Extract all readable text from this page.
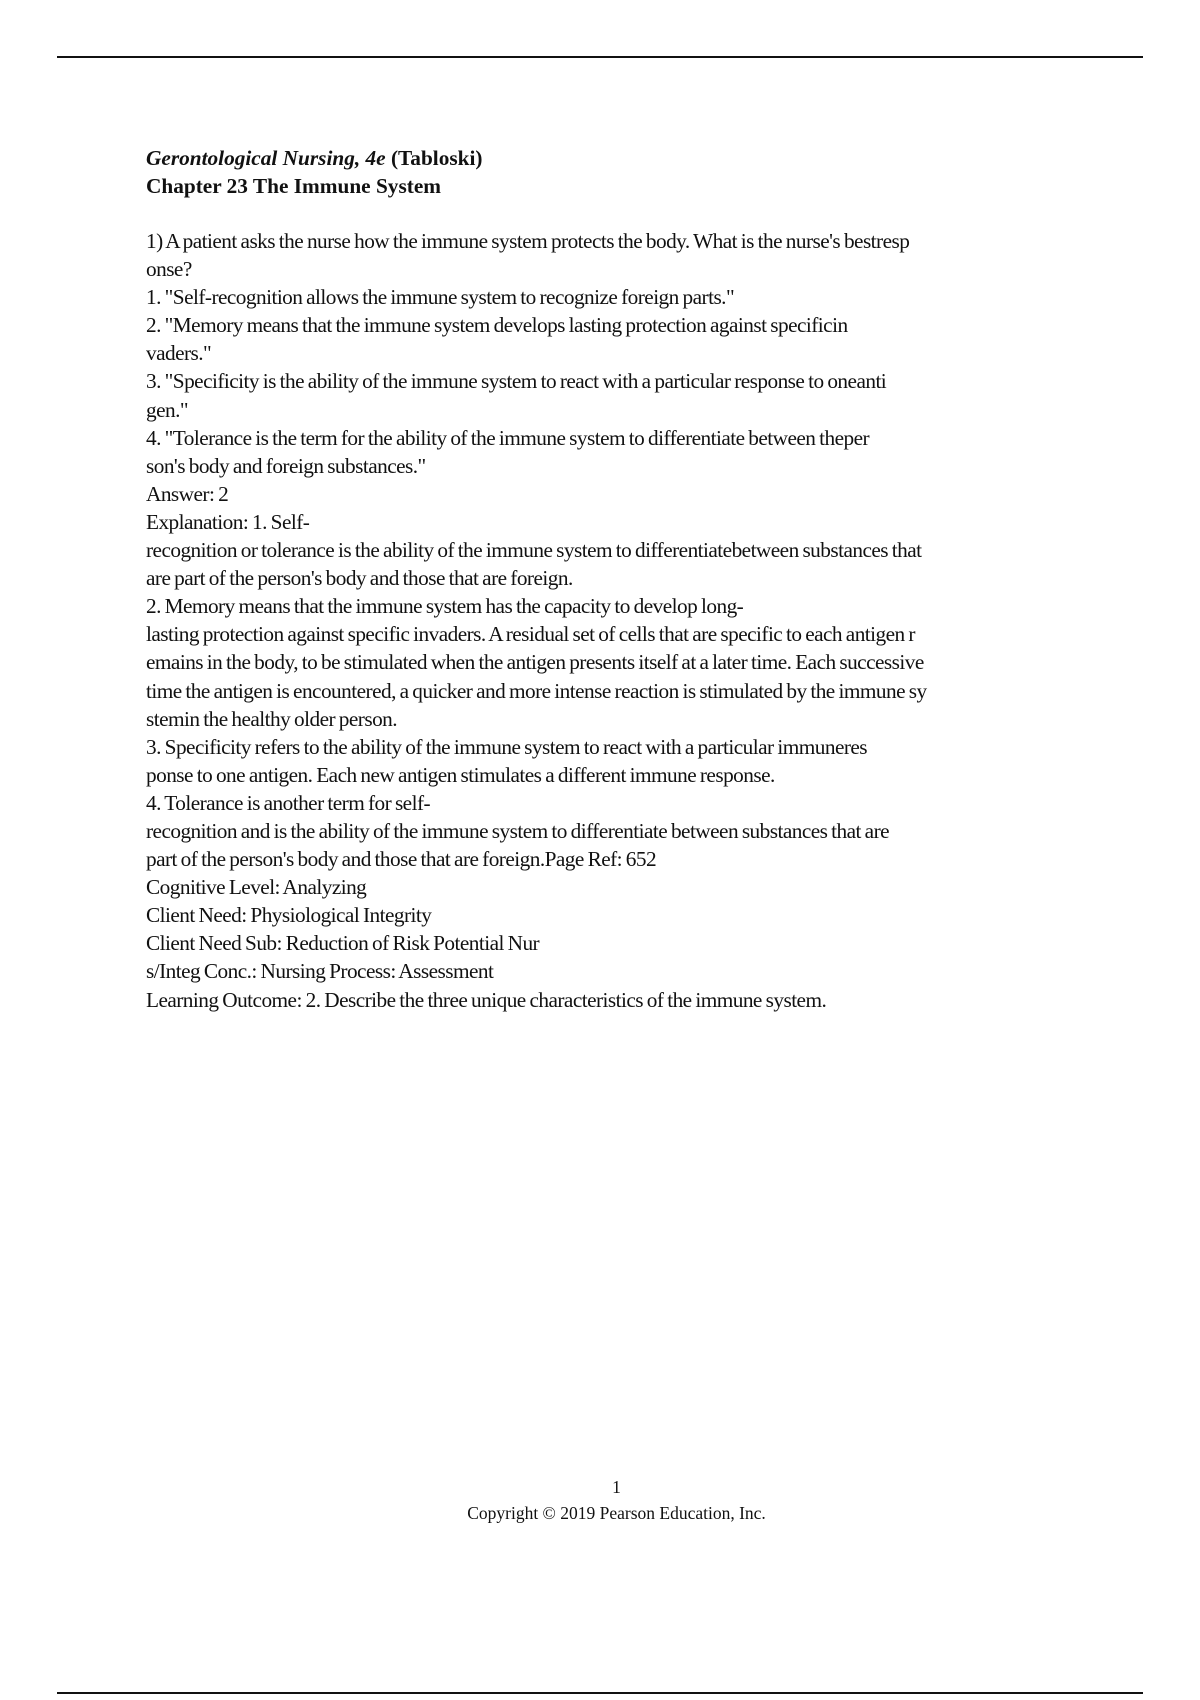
Gerontological Nursing, 4e (Tabloski)
Chapter 23 The Immune System
1) A patient asks the nurse how the immune system protects the body. What is the nurse's bestresp
onse?
1. "Self-recognition allows the immune system to recognize foreign parts."
2. "Memory means that the immune system develops lasting protection against specificin
vaders."
3. "Specificity is the ability of the immune system to react with a particular response to oneanti
gen."
4. "Tolerance is the term for the ability of the immune system to differentiate between theper
son's body and foreign substances."
Answer: 2
Explanation: 1. Self-
recognition or tolerance is the ability of the immune system to differentiatebetween substances that
are part of the person's body and those that are foreign.
2. Memory means that the immune system has the capacity to develop long-
lasting protection against specific invaders. A residual set of cells that are specific to each antigen r
emains in the body, to be stimulated when the antigen presents itself at a later time. Each successive
time the antigen is encountered, a quicker and more intense reaction is stimulated by the immune sy
stemin the healthy older person.
3. Specificity refers to the ability of the immune system to react with a particular immuneres
ponse to one antigen. Each new antigen stimulates a different immune response.
4. Tolerance is another term for self-
recognition and is the ability of the immune system to differentiate between substances that are
part of the person's body and those that are foreign.Page Ref: 652
Cognitive Level: Analyzing
Client Need: Physiological Integrity
Client Need Sub: Reduction of Risk Potential Nur
s/Integ Conc.: Nursing Process: Assessment
Learning Outcome: 2. Describe the three unique characteristics of the immune system.
1
Copyright © 2019 Pearson Education, Inc.
